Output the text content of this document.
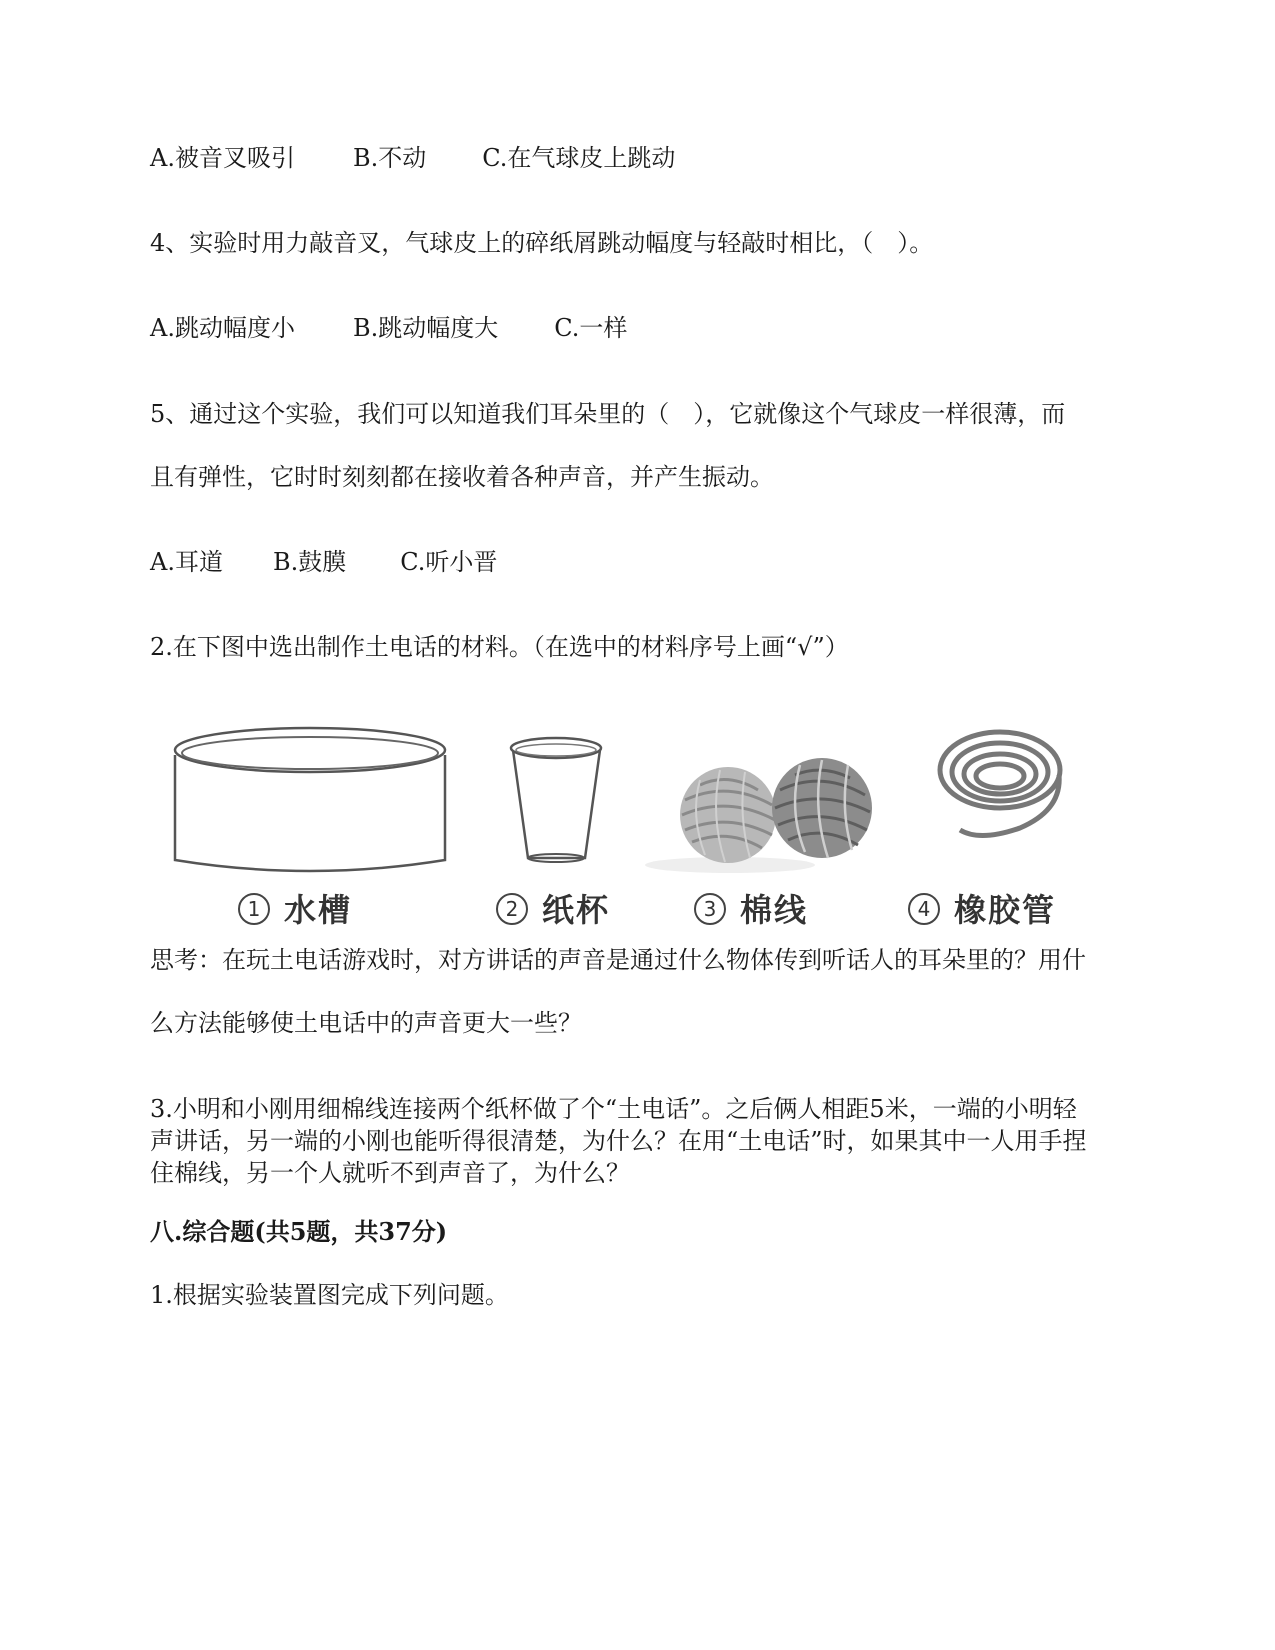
A.被音叉吸引 B.不动 C.在气球皮上跳动
4、实验时用力敲音叉，气球皮上的碎纸屑跳动幅度与轻敲时相比，（　）。
A.跳动幅度小 B.跳动幅度大 C.一样
5、通过这个实验，我们可以知道我们耳朵里的（　），它就像这个气球皮一样很薄，而
且有弹性，它时时刻刻都在接收着各种声音，并产生振动。
A.耳道 B.鼓膜 C.听小晋
2.在下图中选出制作土电话的材料。（在选中的材料序号上画“√”）
1 水槽	2 纸杯	3 棉线	4 橡胶管
思考：在玩土电话游戏时，对方讲话的声音是通过什么物体传到听话人的耳朵里的？用什
么方法能够使土电话中的声音更大一些？
3.小明和小刚用细棉线连接两个纸杯做了个“土电话”。之后俩人相距5米，一端的小明轻
声讲话，另一端的小刚也能听得很清楚，为什么？在用“土电话”时，如果其中一人用手捏
住棉线，另一个人就听不到声音了，为什么？
八.综合题(共5题，共37分)
1.根据实验装置图完成下列问题。
